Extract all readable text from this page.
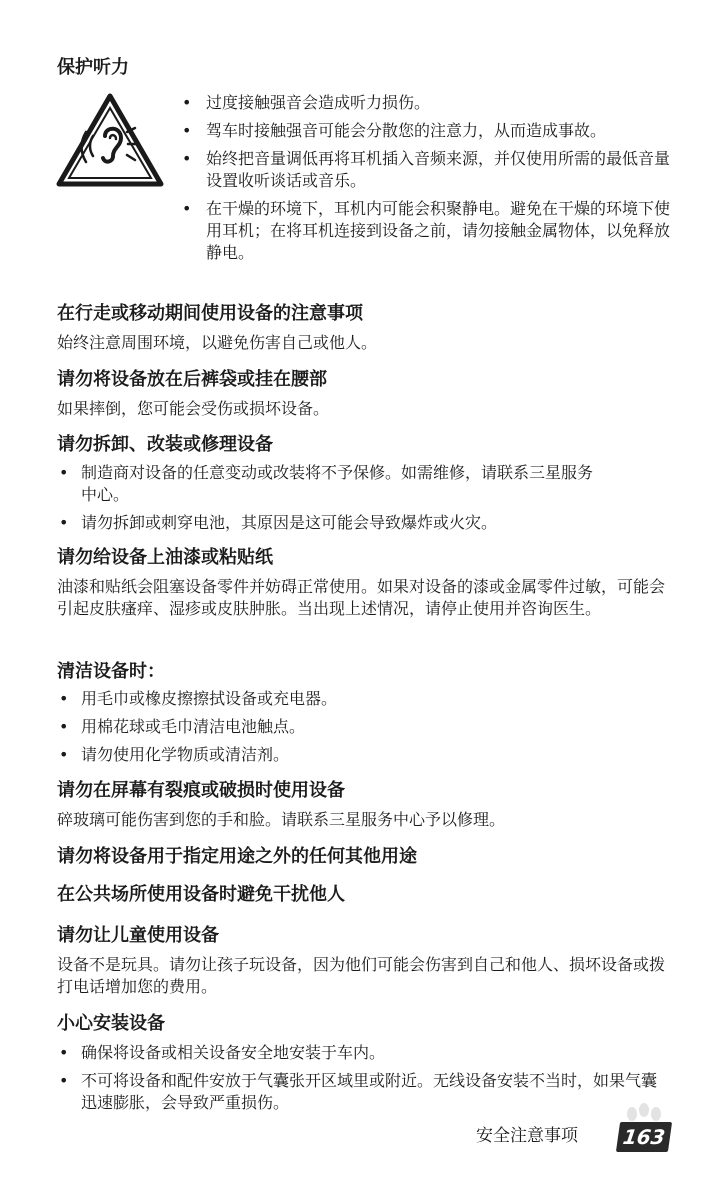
保护听力
• 过度接触强音会造成听力损伤。
• 驾车时接触强音可能会分散您的注意力，从而造成事故。
• 始终把音量调低再将耳机插入音频来源，并仅使用所需的最低音量设置收听谈话或音乐。
• 在干燥的环境下，耳机内可能会积聚静电。避免在干燥的环境下使用耳机；在将耳机连接到设备之前，请勿接触金属物体，以免释放静电。
在行走或移动期间使用设备的注意事项
始终注意周围环境，以避免伤害自己或他人。
请勿将设备放在后裤袋或挂在腰部
如果摔倒，您可能会受伤或损坏设备。
请勿拆卸、改装或修理设备
• 制造商对设备的任意变动或改装将不予保修。如需维修，请联系三星服务中心。
• 请勿拆卸或刺穿电池，其原因是这可能会导致爆炸或火灾。
请勿给设备上油漆或粘贴纸
油漆和贴纸会阻塞设备零件并妨碍正常使用。如果对设备的漆或金属零件过敏，可能会引起皮肤瘙痒、湿疹或皮肤肿胀。当出现上述情况，请停止使用并咨询医生。
清洁设备时：
• 用毛巾或橡皮擦擦拭设备或充电器。
• 用棉花球或毛巾清洁电池触点。
• 请勿使用化学物质或清洁剂。
请勿在屏幕有裂痕或破损时使用设备
碎玻璃可能伤害到您的手和脸。请联系三星服务中心予以修理。
请勿将设备用于指定用途之外的任何其他用途
在公共场所使用设备时避免干扰他人
请勿让儿童使用设备
设备不是玩具。请勿让孩子玩设备，因为他们可能会伤害到自己和他人、损坏设备或拨打电话增加您的费用。
小心安装设备
• 确保将设备或相关设备安全地安装于车内。
• 不可将设备和配件安放于气囊张开区域里或附近。无线设备安装不当时，如果气囊迅速膨胀，会导致严重损伤。
安全注意事项 163
